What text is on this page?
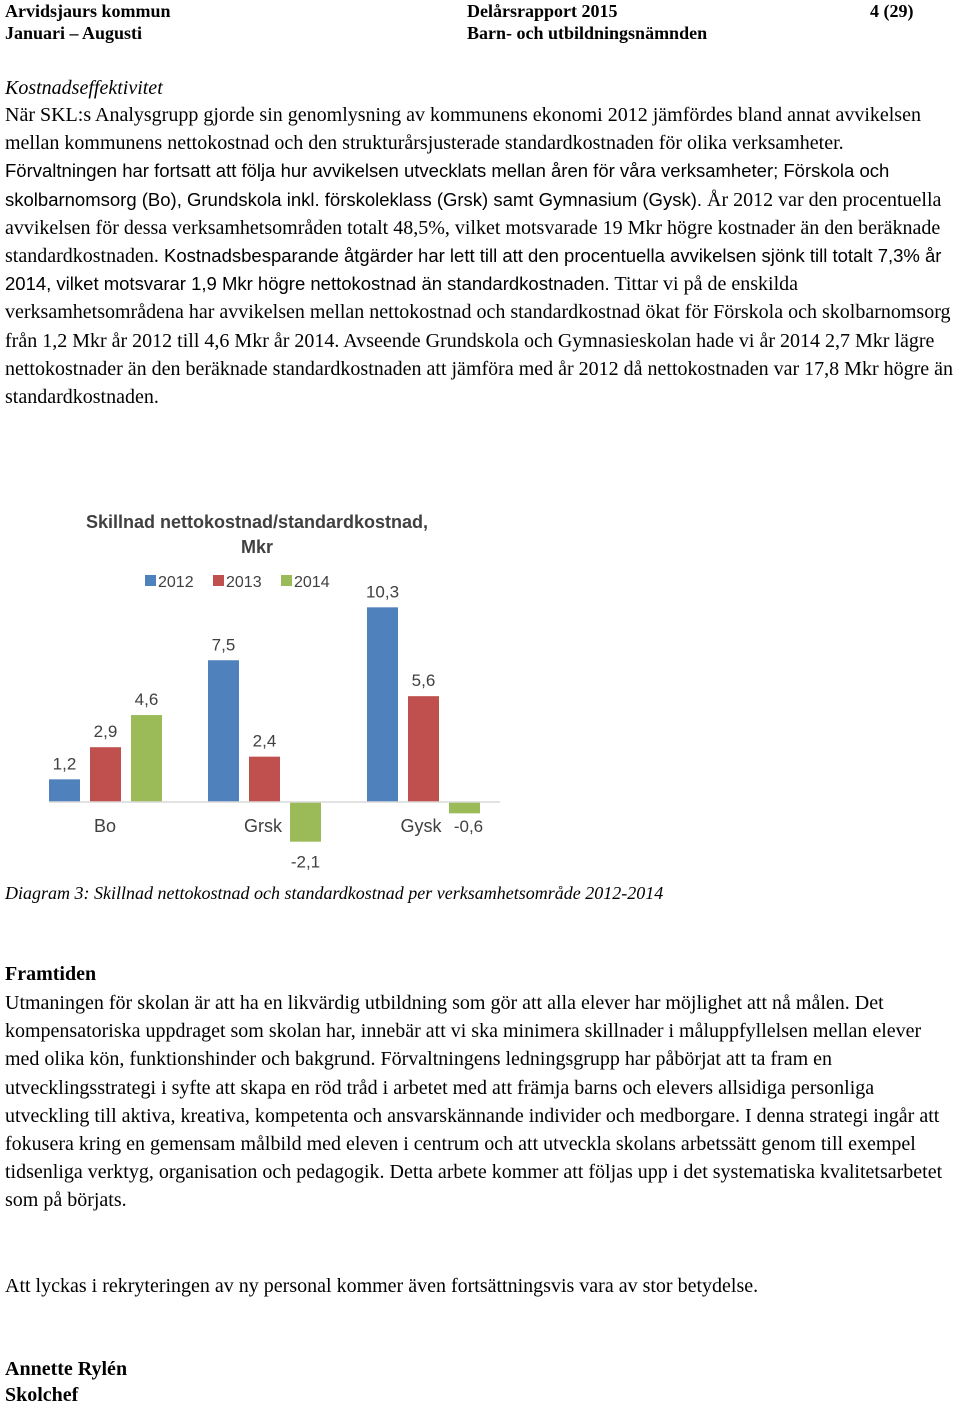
Arvidsjaurs kommun
Januari – Augusti
Delårsrapport 2015
Barn- och utbildningsnämnden
4 (29)
Kostnadseffektivitet

När SKL:s Analysgrupp gjorde sin genomlysning av kommunens ekonomi 2012 jämfördes bland annat avvikelsen mellan kommunens nettokostnad och den strukturårsjusterade standardkostnaden för olika verksamheter. Förvaltningen har fortsatt att följa hur avvikelsen utvecklats mellan åren för våra verksamheter; Förskola och skolbarnomsorg (Bo), Grundskola inkl. förskoleklass (Grsk) samt Gymnasium (Gysk). År 2012 var den procentuella avvikelsen för dessa verksamhetsområden totalt 48,5%, vilket motsvarade 19 Mkr högre kostnader än den beräknade standardkostnaden. Kostnadsbesparande åtgärder har lett till att den procentuella avvikelsen sjönk till totalt 7,3% år 2014, vilket motsvarar 1,9 Mkr högre nettokostnad än standardkostnaden. Tittar vi på de enskilda verksamhetsområdena har avvikelsen mellan nettokostnad och standardkostnad ökat för Förskola och skolbarnomsorg från 1,2 Mkr år 2012 till 4,6 Mkr år 2014. Avseende Grundskola och Gymnasieskolan hade vi år 2014 2,7 Mkr lägre nettokostnader än den beräknade standardkostnaden att jämföra med år 2012 då nettokostnaden var 17,8 Mkr högre än standardkostnaden.

Skillnad nettokostnad/standardkostnad,
Mkr
2012 2013 2014
Bo	Grsk	Gysk
1,2
2,9
4,6
7,5
2,4
-2,1
10,3
5,6
-0,6
Diagram 3: Skillnad nettokostnad och standardkostnad per verksamhetsområde 2012-2014
Framtiden

Utmaningen för skolan är att ha en likvärdig utbildning som gör att alla elever har möjlighet att nå målen. Det kompensatoriska uppdraget som skolan har, innebär att vi ska minimera skillnader i måluppfyllelsen mellan elever med olika kön, funktionshinder och bakgrund. Förvaltningens ledningsgrupp har påbörjat att ta fram en utvecklingsstrategi i syfte att skapa en röd tråd i arbetet med att främja barns och elevers allsidiga personliga utveckling till aktiva, kreativa, kompetenta och ansvarskännande individer och medborgare. I denna strategi ingår att fokusera kring en gemensam målbild med eleven i centrum och att utveckla skolans arbetssätt genom till exempel tidsenliga verktyg, organisation och pedagogik. Detta arbete kommer att följas upp i det systematiska kvalitetsarbetet som på börjats.

Att lyckas i rekryteringen av ny personal kommer även fortsättningsvis vara av stor betydelse.

Annette Rylén
Skolchef
